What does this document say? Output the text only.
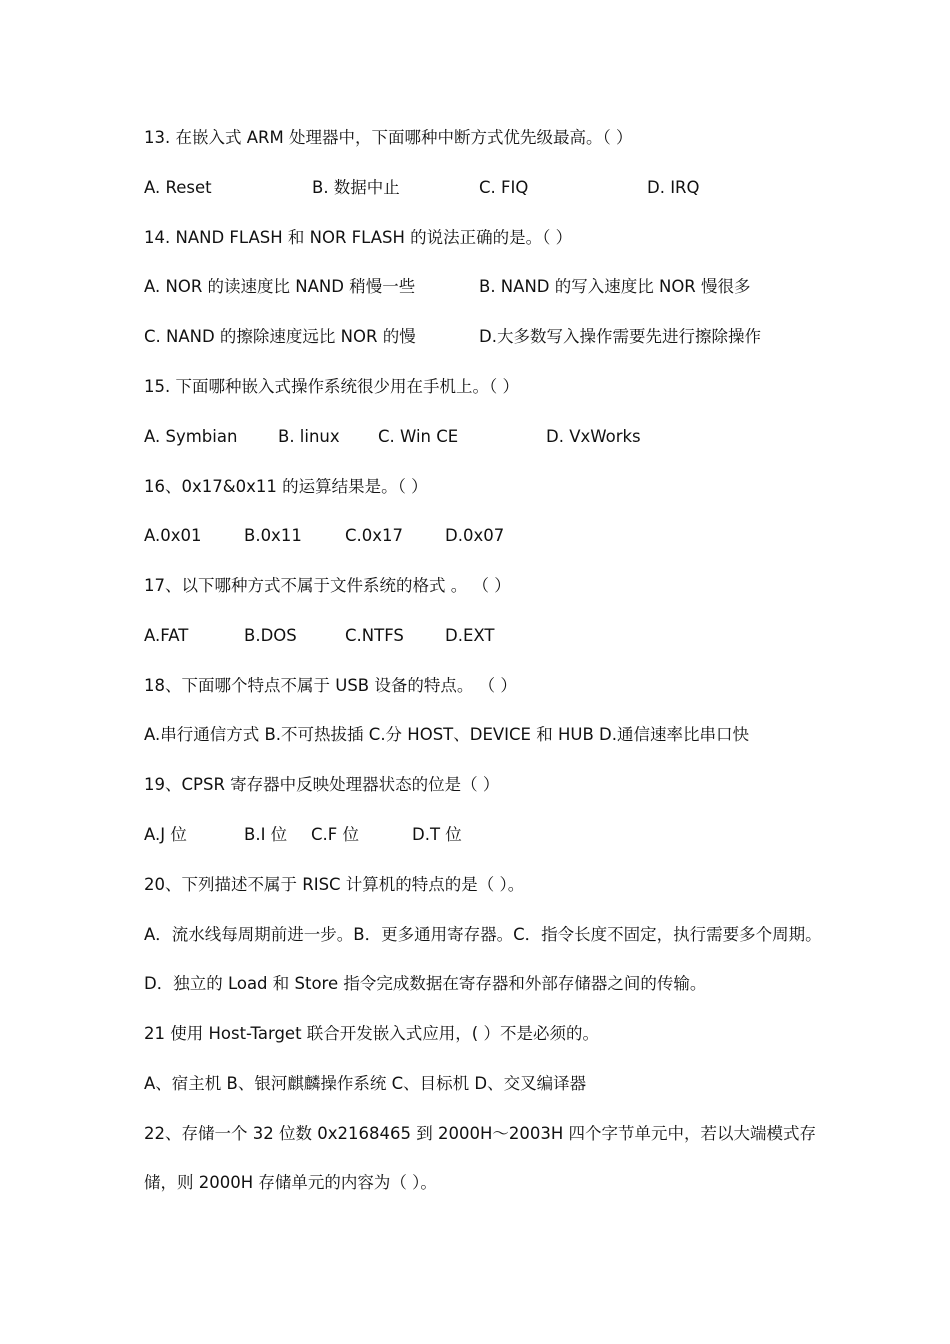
13. 在嵌入式 ARM 处理器中，下面哪种中断方式优先级最高。（ ）
A. Reset	B. 数据中止	C. FIQ	D. IRQ
14. NAND FLASH 和 NOR FLASH 的说法正确的是。（ ）
A. NOR 的读速度比 NAND 稍慢一些	B. NAND 的写入速度比 NOR 慢很多
C. NAND 的擦除速度远比 NOR 的慢	D.大多数写入操作需要先进行擦除操作
15. 下面哪种嵌入式操作系统很少用在手机上。（ ）
A. Symbian B. linux C. Win CE	D. VxWorks
16、0x17&0x11 的运算结果是。（ ）
A.0x01	B.0x11	C.0x17	D.0x07
17、以下哪种方式不属于文件系统的格式 。 （ ）
A.FAT	B.DOS	C.NTFS D.EXT
18、下面哪个特点不属于 USB 设备的特点。 （ ）
A.串行通信方式 B.不可热拔插 C.分 HOST、DEVICE 和 HUB D.通信速率比串口快
19、CPSR 寄存器中反映处理器状态的位是（ ）
A.J 位	B.I 位 C.F 位	D.T 位
20、下列描述不属于 RISC 计算机的特点的是（ ）。
A．流水线每周期前进一步。B．更多通用寄存器。C．指令长度不固定，执行需要多个周期。
D．独立的 Load 和 Store 指令完成数据在寄存器和外部存储器之间的传输。
21 使用 Host-Target 联合开发嵌入式应用，( ）不是必须的。
A、宿主机 B、银河麒麟操作系统 C、目标机 D、交叉编译器
22、存储一个 32 位数 0x2168465 到 2000H～2003H 四个字节单元中，若以大端模式存
储，则 2000H 存储单元的内容为（ ）。
